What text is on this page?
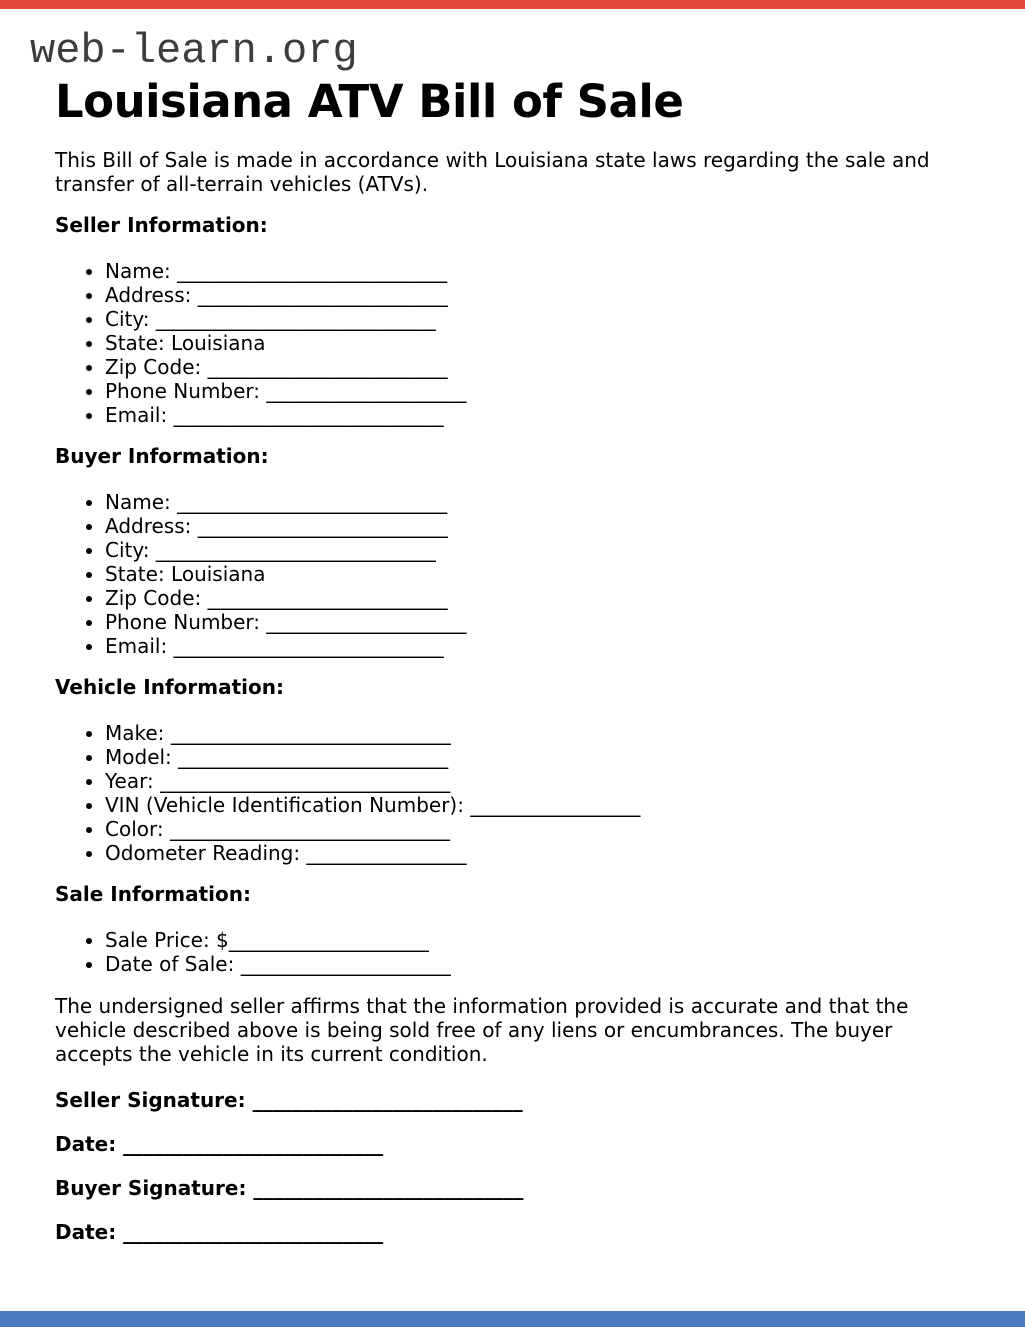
web-learn.org
Louisiana ATV Bill of Sale

This Bill of Sale is made in accordance with Louisiana state laws regarding the sale and transfer of all-terrain vehicles (ATVs).

Seller Information:
• Name: ___________________________
• Address: _________________________
• City: ____________________________
• State: Louisiana
• Zip Code: ________________________
• Phone Number: ____________________
• Email: ___________________________
Buyer Information:
• Name: ___________________________
• Address: _________________________
• City: ____________________________
• State: Louisiana
• Zip Code: ________________________
• Phone Number: ____________________
• Email: ___________________________
Vehicle Information:
• Make: ____________________________
• Model: ___________________________
• Year: _____________________________
• VIN (Vehicle Identification Number): _________________
• Color: ____________________________
• Odometer Reading: ________________
Sale Information:
• Sale Price: $____________________
• Date of Sale: _____________________

The undersigned seller affirms that the information provided is accurate and that the vehicle described above is being sold free of any liens or encumbrances. The buyer accepts the vehicle in its current condition.

Seller Signature: ___________________________

Date: __________________________

Buyer Signature: ___________________________

Date: __________________________
